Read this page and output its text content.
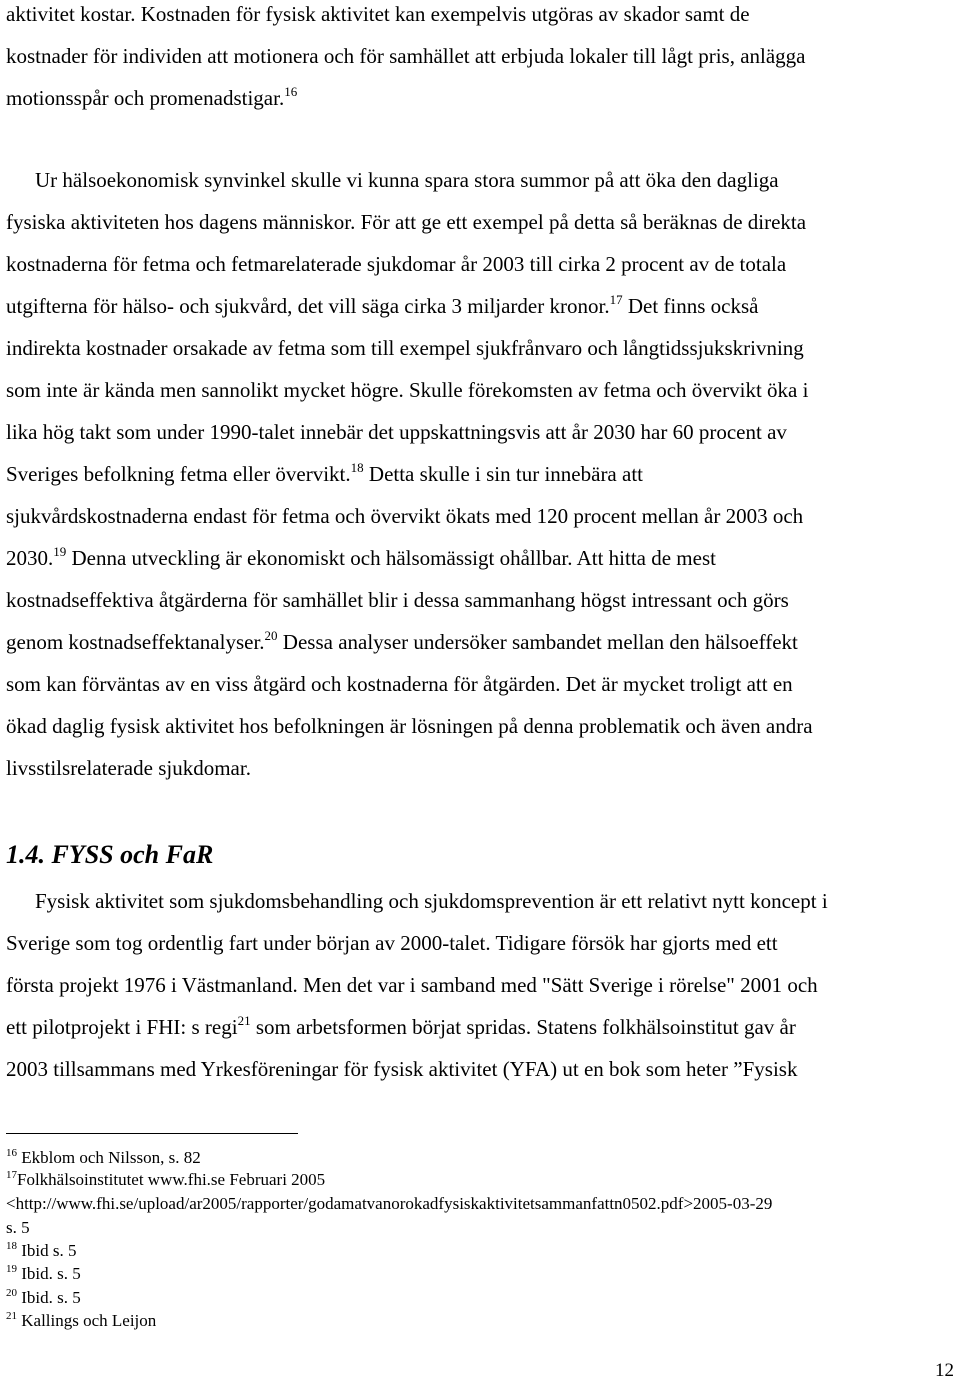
aktivitet kostar. Kostnaden för fysisk aktivitet kan exempelvis utgöras av skador samt de
kostnader för individen att motionera och för samhället att erbjuda lokaler till lågt pris, anlägga
motionsspår och promenadstigar.$^{16}$
Ur hälsoekonomisk synvinkel skulle vi kunna spara stora summor på att öka den dagliga
fysiska aktiviteten hos dagens människor. För att ge ett exempel på detta så beräknas de direkta
kostnaderna för fetma och fetmarelaterade sjukdomar år 2003 till cirka 2 procent av de totala
utgifterna för hälso- och sjukvård, det vill säga cirka 3 miljarder kronor.$^{17}$ Det finns också
indirekta kostnader orsakade av fetma som till exempel sjukfrånvaro och långtidssjukskrivning
som inte är kända men sannolikt mycket högre. Skulle förekomsten av fetma och övervikt öka i
lika hög takt som under 1990-talet innebär det uppskattningsvis att år 2030 har 60 procent av
Sveriges befolkning fetma eller övervikt.$^{18}$ Detta skulle i sin tur innebära att
sjukvårdskostnaderna endast för fetma och övervikt ökats med 120 procent mellan år 2003 och
2030.19 Denna utveckling är ekonomiskt och hälsomässigt ohållbar. Att hitta de mest
kostnadseffektiva åtgärderna för samhället blir i dessa sammanhang högst intressant och görs
genom kostnadseffektanalyser.$^{20}$ Dessa analyser undersöker sambandet mellan den hälsoeffekt
som kan förväntas av en viss åtgärd och kostnaderna för åtgärden. Det är mycket troligt att en
ökad daglig fysisk aktivitet hos befolkningen är lösningen på denna problematik och även andra
livsstilsrelaterade sjukdomar.
1.4. FYSS och FaR
Fysisk aktivitet som sjukdomsbehandling och sjukdomsprevention är ett relativt nytt koncept i
Sverige som tog ordentlig fart under början av 2000-talet. Tidigare försök har gjorts med ett
första projekt 1976 i Västmanland. Men det var i samband med "Sätt Sverige i rörelse" 2001 och
ett pilotprojekt i FHI: s regi$^{21}$ som arbetsformen börjat spridas. Statens folkhälsoinstitut gav år
2003 tillsammans med Yrkesföreningar för fysisk aktivitet (YFA) ut en bok som heter ”Fysisk
$^{16}$ Ekblom och Nilsson, s. 82
$^{17}$Folkhälsoinstitutet www.fhi.se Februari 2005
<http://www.fhi.se/upload/ar2005/rapporter/godamatvanorokadfysiskaktivitetsammanfattn0502.pdf>2005-03-29
s. 5
$^{18}$ Ibid s. 5
$^{19}$ Ibid. s. 5
$^{20}$ Ibid. s. 5
$^{21}$ Kallings och Leijon
12
